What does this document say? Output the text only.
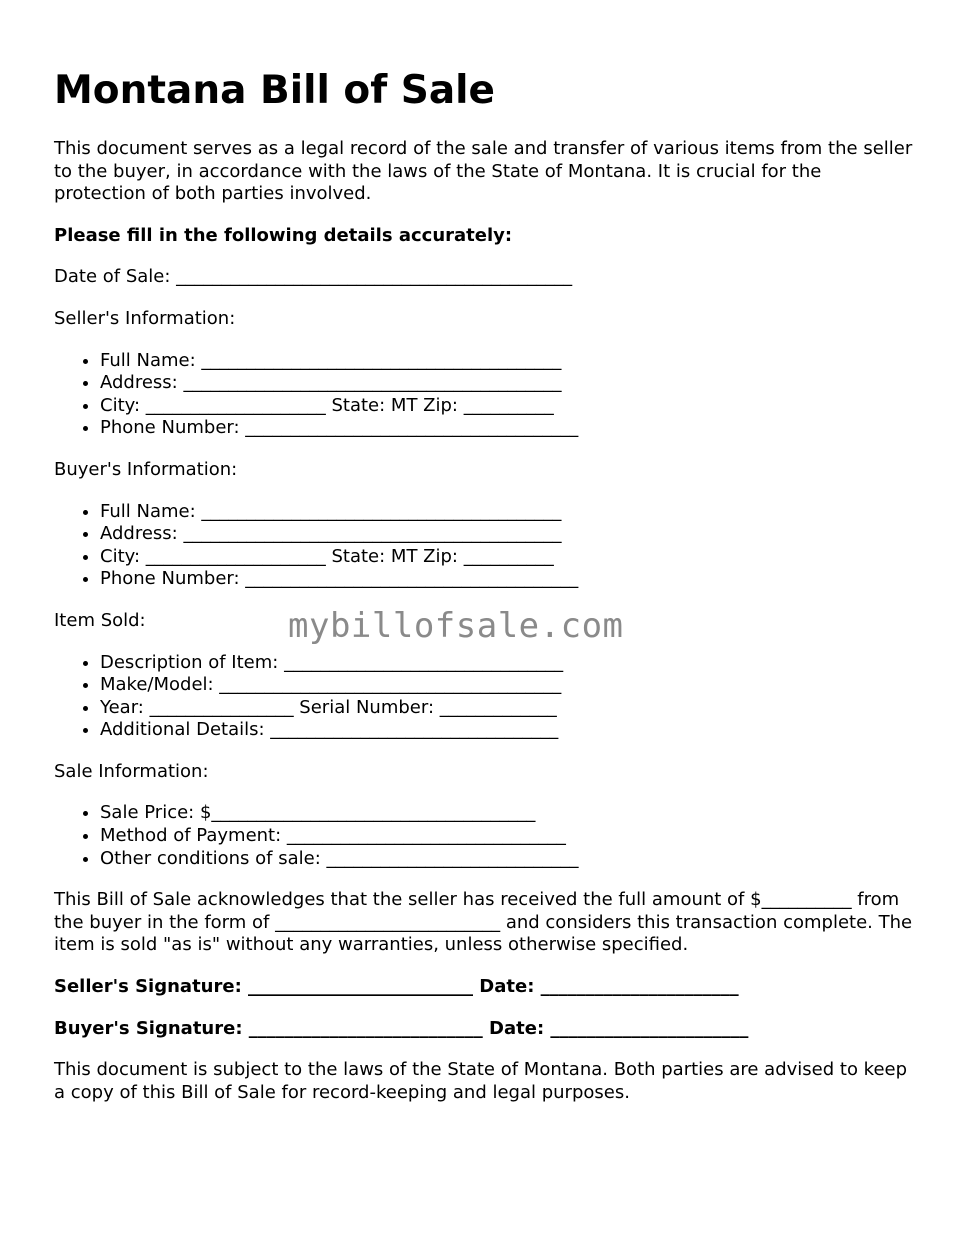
Montana Bill of Sale

This document serves as a legal record of the sale and transfer of various items from the seller to the buyer, in accordance with the laws of the State of Montana. It is crucial for the protection of both parties involved.

Please fill in the following details accurately:

Date of Sale: ____________________________________________

Seller's Information:

• Full Name: ________________________________________
• Address: __________________________________________
• City: ____________________ State: MT Zip: __________
• Phone Number: _____________________________________

Buyer's Information:

• Full Name: ________________________________________
• Address: __________________________________________
• City: ____________________ State: MT Zip: __________
• Phone Number: _____________________________________

Item Sold:

• Description of Item: _______________________________
• Make/Model: ______________________________________
• Year: ________________ Serial Number: _____________
• Additional Details: ________________________________

Sale Information:

• Sale Price: $____________________________________
• Method of Payment: _______________________________
• Other conditions of sale: ____________________________

This Bill of Sale acknowledges that the seller has received the full amount of $__________ from the buyer in the form of _________________________ and considers this transaction complete. The item is sold "as is" without any warranties, unless otherwise specified.

Seller's Signature: _________________________ Date: ______________________

Buyer's Signature: __________________________ Date: ______________________

This document is subject to the laws of the State of Montana. Both parties are advised to keep a copy of this Bill of Sale for record-keeping and legal purposes.

mybillofsale.com
